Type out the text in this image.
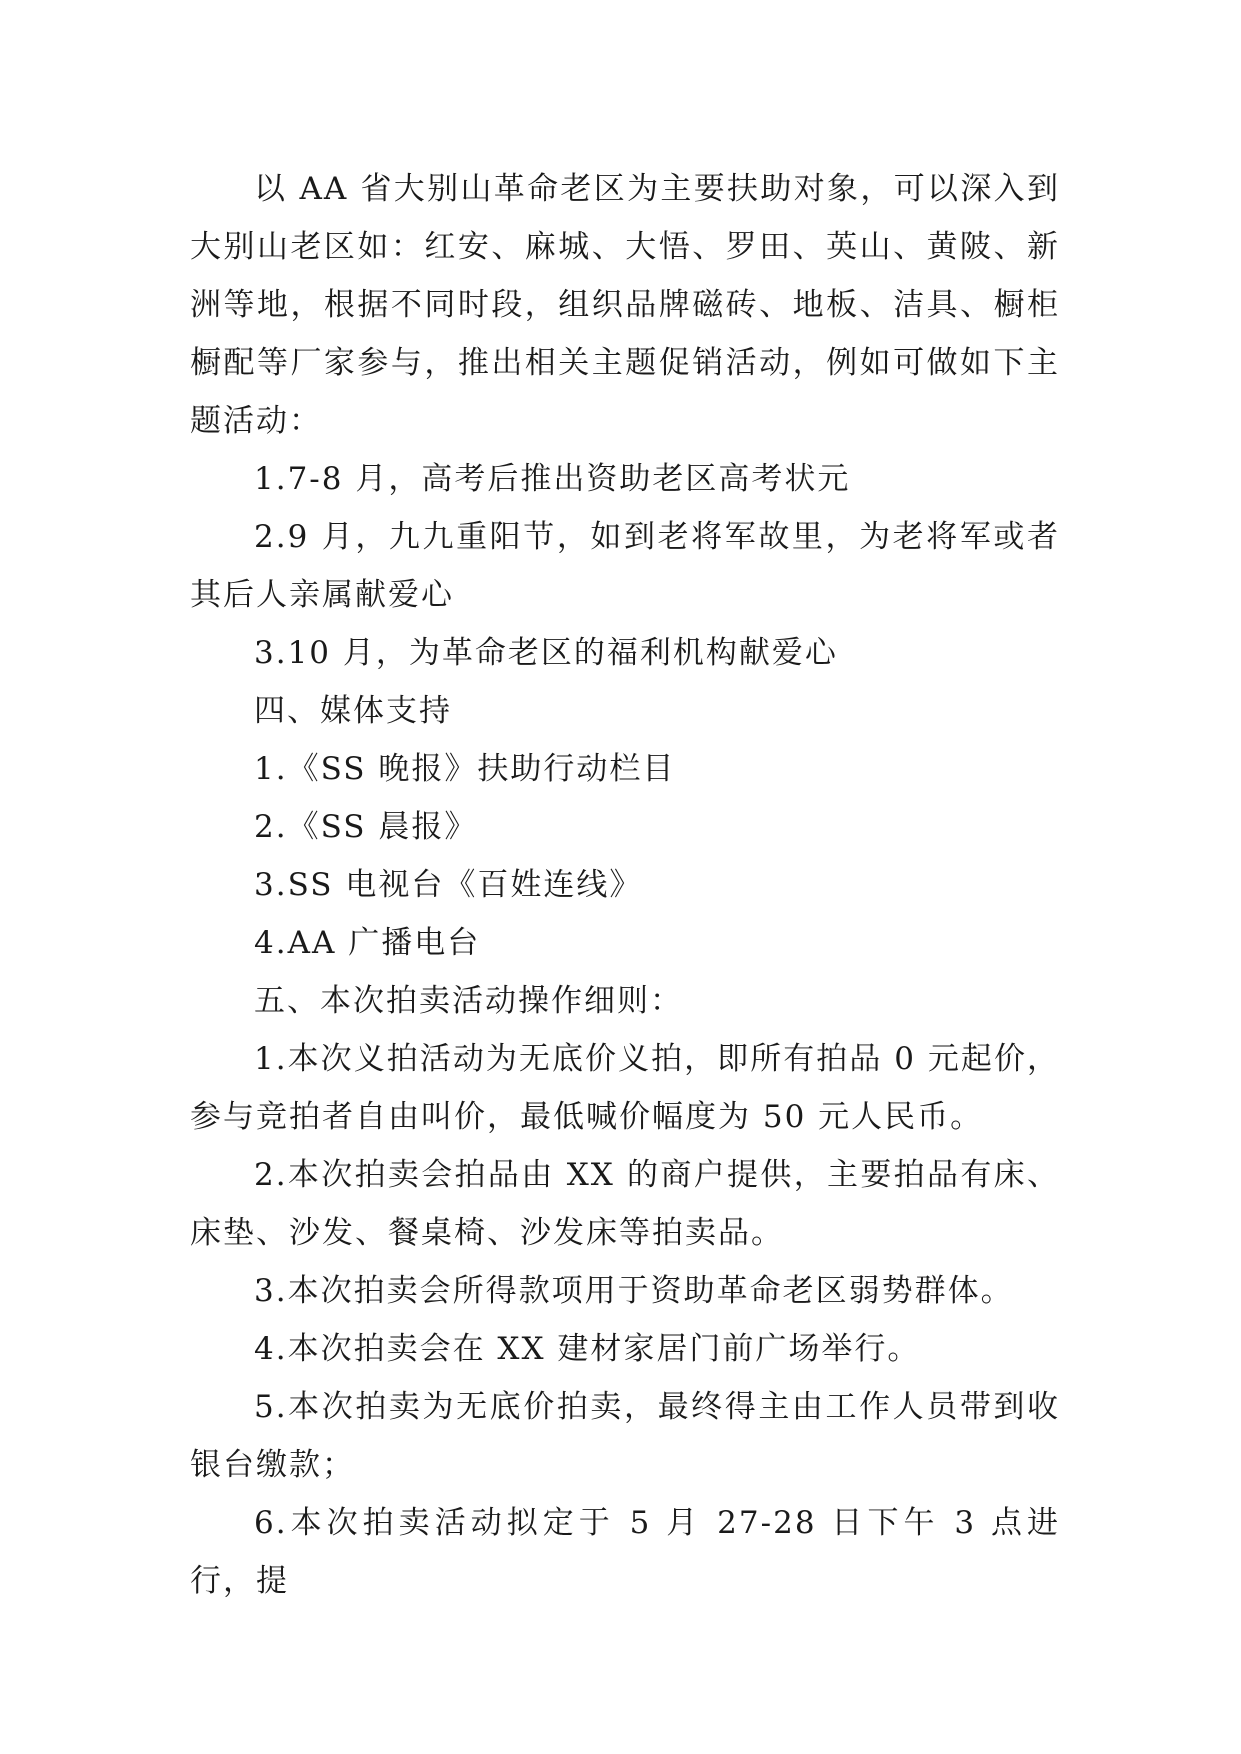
以 AA 省大别山革命老区为主要扶助对象，可以深入到大别山老区如：红安、麻城、大悟、罗田、英山、黄陂、新洲等地，根据不同时段，组织品牌磁砖、地板、洁具、橱柜橱配等厂家参与，推出相关主题促销活动，例如可做如下主题活动：

1.7-8 月，高考后推出资助老区高考状元

2.9 月，九九重阳节，如到老将军故里，为老将军或者其后人亲属献爱心

3.10 月，为革命老区的福利机构献爱心

四、媒体支持

1.《SS 晚报》扶助行动栏目

2.《SS 晨报》

3.SS 电视台《百姓连线》

4.AA 广播电台

五、本次拍卖活动操作细则：

1.本次义拍活动为无底价义拍，即所有拍品 0 元起价，参与竞拍者自由叫价，最低喊价幅度为 50 元人民币。

2.本次拍卖会拍品由 XX 的商户提供，主要拍品有床、床垫、沙发、餐桌椅、沙发床等拍卖品。

3.本次拍卖会所得款项用于资助革命老区弱势群体。

4.本次拍卖会在 XX 建材家居门前广场举行。

5.本次拍卖为无底价拍卖，最终得主由工作人员带到收银台缴款；

6.本次拍卖活动拟定于 5 月 27-28 日下午 3 点进行，提
